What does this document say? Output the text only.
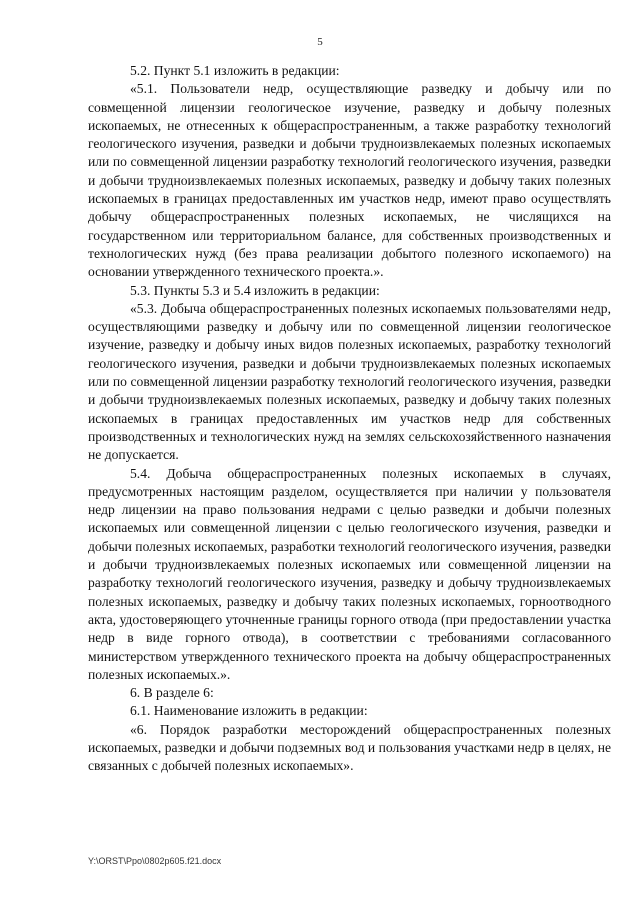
5

5.2. Пункт 5.1 изложить в редакции:

«5.1. Пользователи недр, осуществляющие разведку и добычу или по совмещенной лицензии геологическое изучение, разведку и добычу полезных ископаемых, не отнесенных к общераспространенным, а также разработку технологий геологического изучения, разведки и добычи трудноизвлекаемых полезных ископаемых или по совмещенной лицензии разработку технологий геологического изучения, разведки и добычи трудноизвлекаемых полезных ископаемых, разведку и добычу таких полезных ископаемых в границах предоставленных им участков недр, имеют право осуществлять добычу общераспространенных полезных ископаемых, не числящихся на государственном или территориальном балансе, для собственных производственных и технологических нужд (без права реализации добытого полезного ископаемого) на основании утвержденного технического проекта.».

5.3. Пункты 5.3 и 5.4 изложить в редакции:

«5.3. Добыча общераспространенных полезных ископаемых пользователями недр, осуществляющими разведку и добычу или по совмещенной лицензии геологическое изучение, разведку и добычу иных видов полезных ископаемых, разработку технологий геологического изучения, разведки и добычи трудноизвлекаемых полезных ископаемых или по совмещенной лицензии разработку технологий геологического изучения, разведки и добычи трудноизвлекаемых полезных ископаемых, разведку и добычу таких полезных ископаемых в границах предоставленных им участков недр для собственных производственных и технологических нужд на землях сельскохозяйственного назначения не допускается.

5.4. Добыча общераспространенных полезных ископаемых в случаях, предусмотренных настоящим разделом, осуществляется при наличии у пользователя недр лицензии на право пользования недрами с целью разведки и добычи полезных ископаемых или совмещенной лицензии с целью геологического изучения, разведки и добычи полезных ископаемых, разработки технологий геологического изучения, разведки и добычи трудноизвлекаемых полезных ископаемых или совмещенной лицензии на разработку технологий геологического изучения, разведку и добычу трудноизвлекаемых полезных ископаемых, разведку и добычу таких полезных ископаемых, горноотводного акта, удостоверяющего уточненные границы горного отвода (при предоставлении участка недр в виде горного отвода), в соответствии с требованиями согласованного министерством утвержденного технического проекта на добычу общераспространенных полезных ископаемых.».

6. В разделе 6:

6.1. Наименование изложить в редакции:

«6. Порядок разработки месторождений общераспространенных полезных ископаемых, разведки и добычи подземных вод и пользования участками недр в целях, не связанных с добычей полезных ископаемых».

Y:\ORST\Ppo\0802p605.f21.docx
